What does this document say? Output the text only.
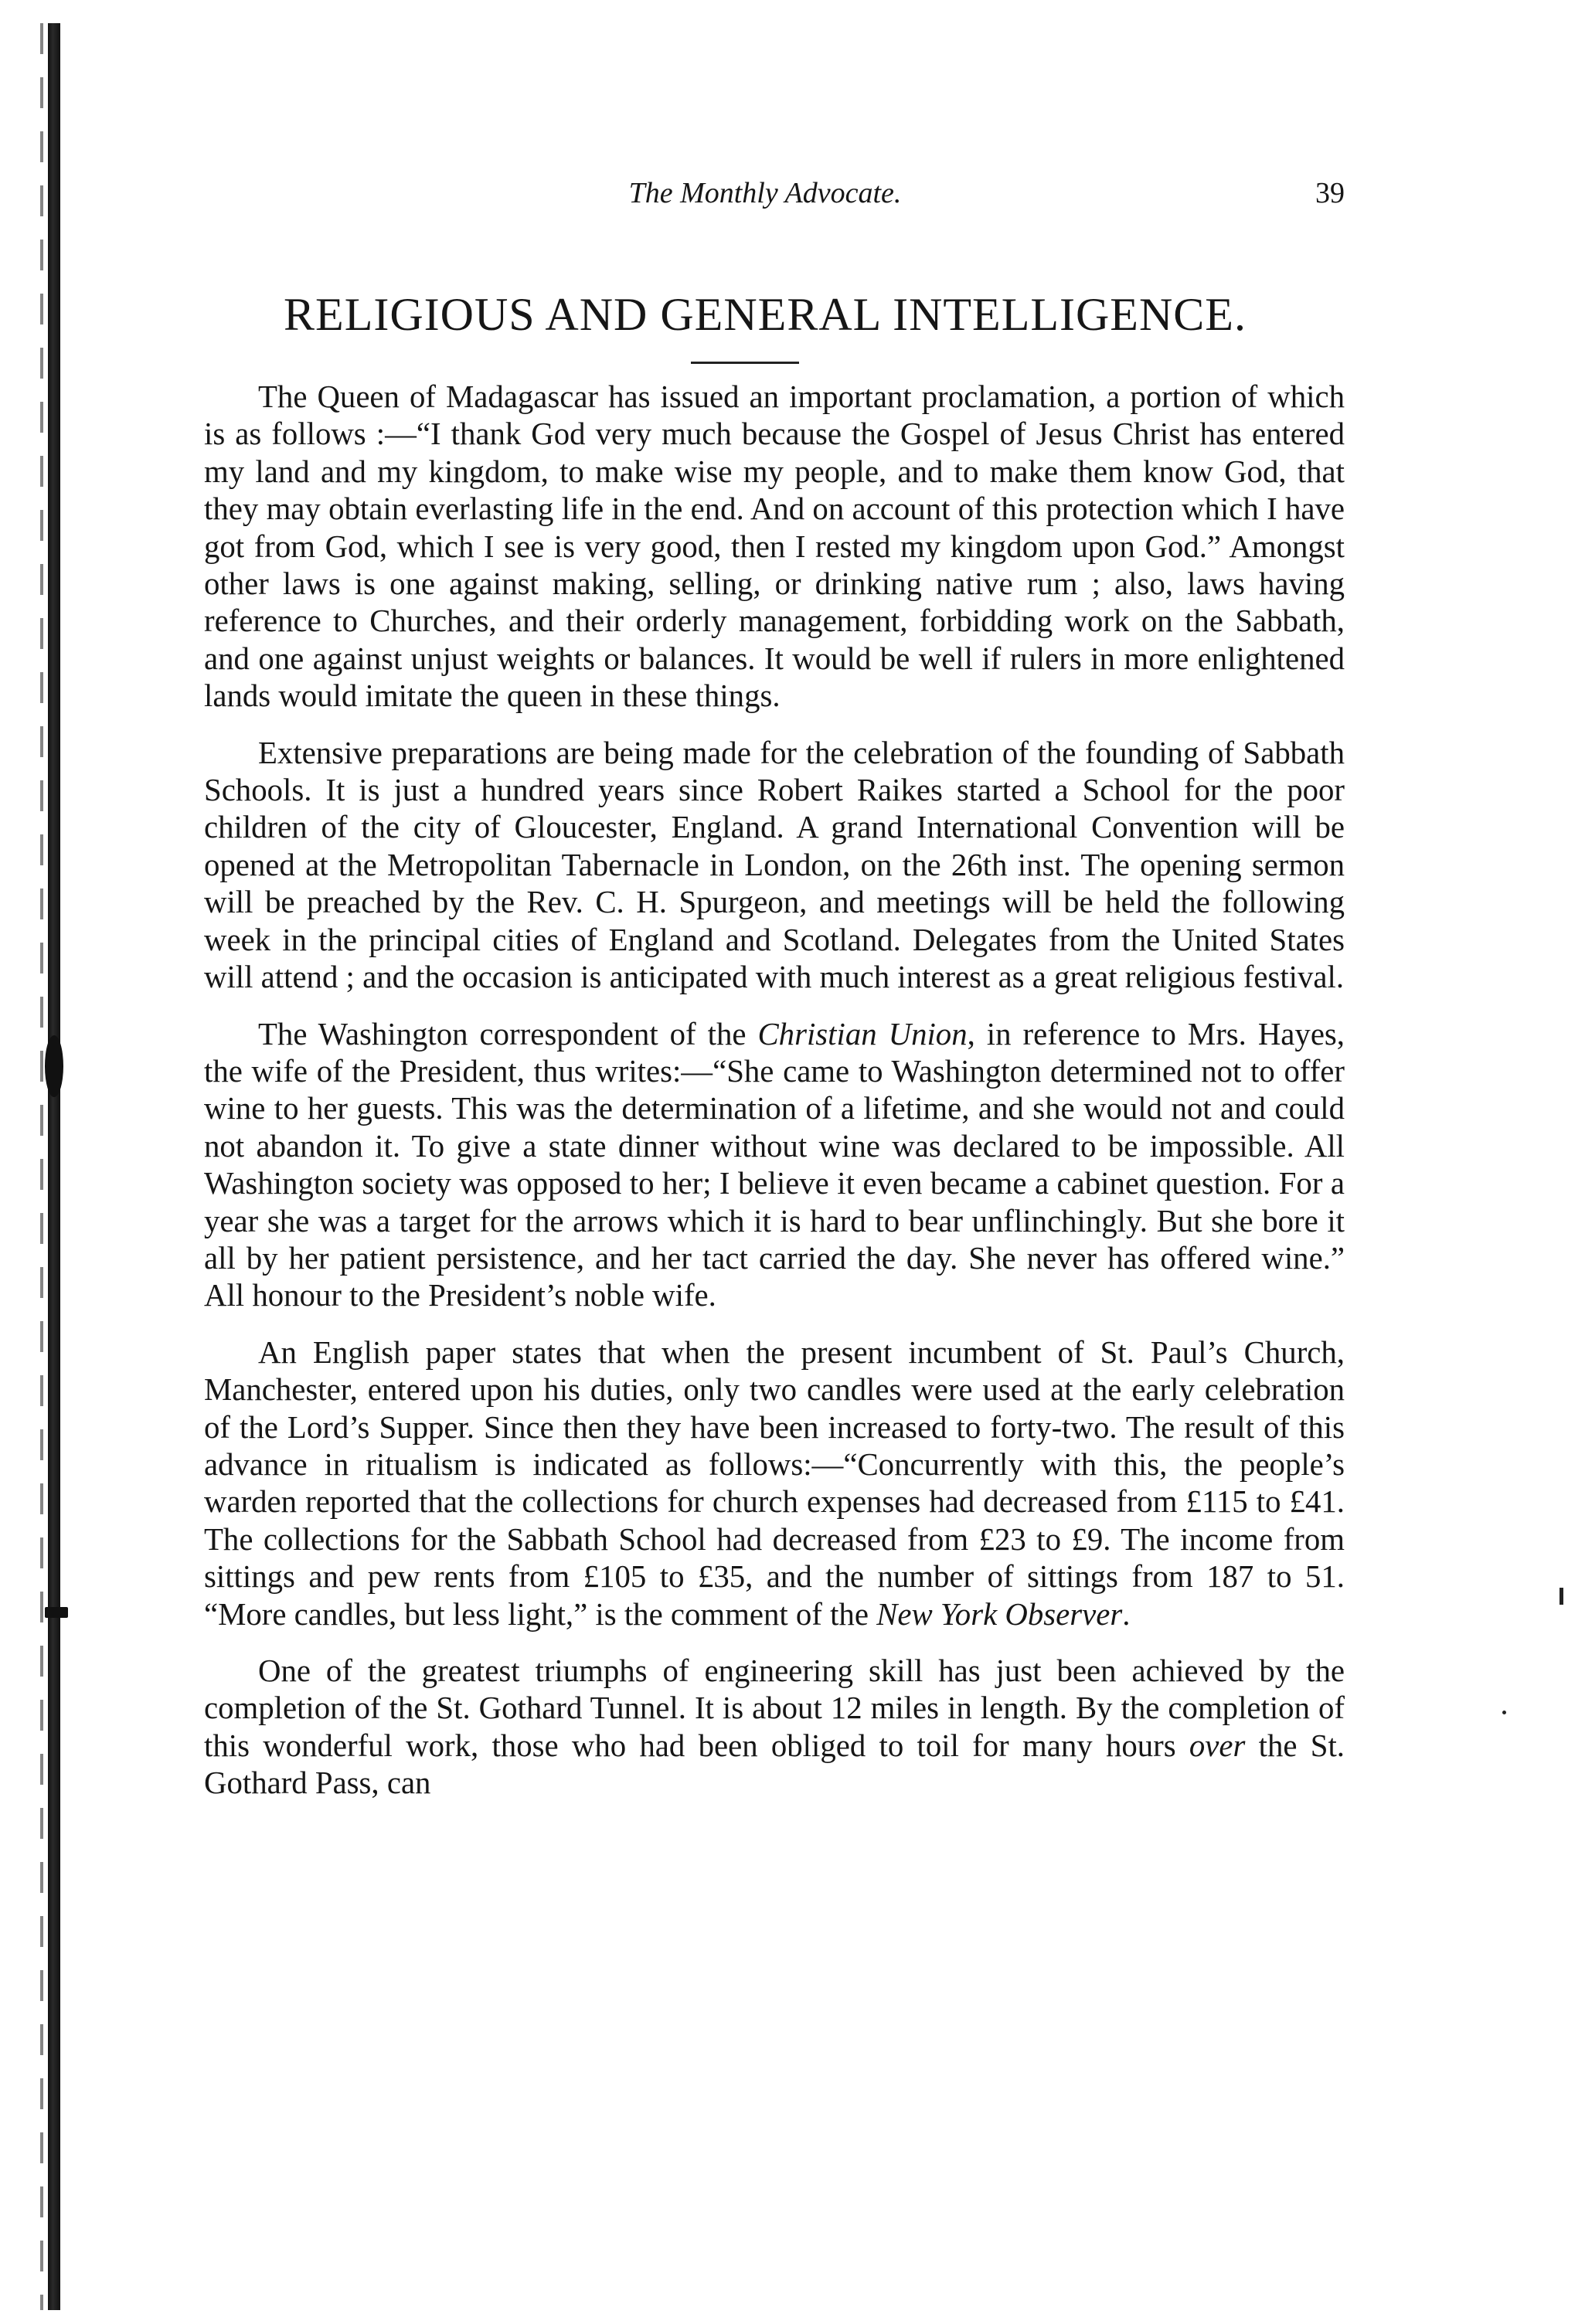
The Monthly Advocate.	39
RELIGIOUS AND GENERAL INTELLIGENCE.

The Queen of Madagascar has issued an important proclamation, a portion of which is as follows :—“I thank God very much because the Gospel of Jesus Christ has entered my land and my kingdom, to make wise my people, and to make them know God, that they may obtain everlasting life in the end. And on account of this protection which I have got from God, which I see is very good, then I rested my kingdom upon God.” Amongst other laws is one against making, selling, or drinking native rum ; also, laws having reference to Churches, and their orderly management, forbidding work on the Sabbath, and one against unjust weights or balances. It would be well if rulers in more enlightened lands would imitate the queen in these things.

Extensive preparations are being made for the celebration of the founding of Sabbath Schools. It is just a hundred years since Robert Raikes started a School for the poor children of the city of Gloucester, England. A grand International Convention will be opened at the Metropolitan Tabernacle in London, on the 26th inst. The opening sermon will be preached by the Rev. C. H. Spurgeon, and meetings will be held the following week in the principal cities of England and Scotland. Delegates from the United States will attend ; and the occasion is anticipated with much interest as a great religious festival.

The Washington correspondent of the Christian Union, in reference to Mrs. Hayes, the wife of the President, thus writes:—“She came to Washington determined not to offer wine to her guests. This was the determination of a lifetime, and she would not and could not abandon it. To give a state dinner without wine was declared to be impossible. All Washington society was opposed to her; I believe it even became a cabinet question. For a year she was a target for the arrows which it is hard to bear unflinchingly. But she bore it all by her patient persistence, and her tact carried the day. She never has offered wine.” All honour to the President’s noble wife.

An English paper states that when the present incumbent of St. Paul’s Church, Manchester, entered upon his duties, only two candles were used at the early celebration of the Lord’s Supper. Since then they have been increased to forty-two. The result of this advance in ritualism is indicated as follows:—“Concurrently with this, the people’s warden reported that the collections for church expenses had decreased from £115 to £41. The collections for the Sabbath School had decreased from £23 to £9. The income from sittings and pew rents from £105 to £35, and the number of sittings from 187 to 51. “More candles, but less light,” is the comment of the New York Observer.

One of the greatest triumphs of engineering skill has just been achieved by the completion of the St. Gothard Tunnel. It is about 12 miles in length. By the completion of this wonderful work, those who had been obliged to toil for many hours over the St. Gothard Pass, can
